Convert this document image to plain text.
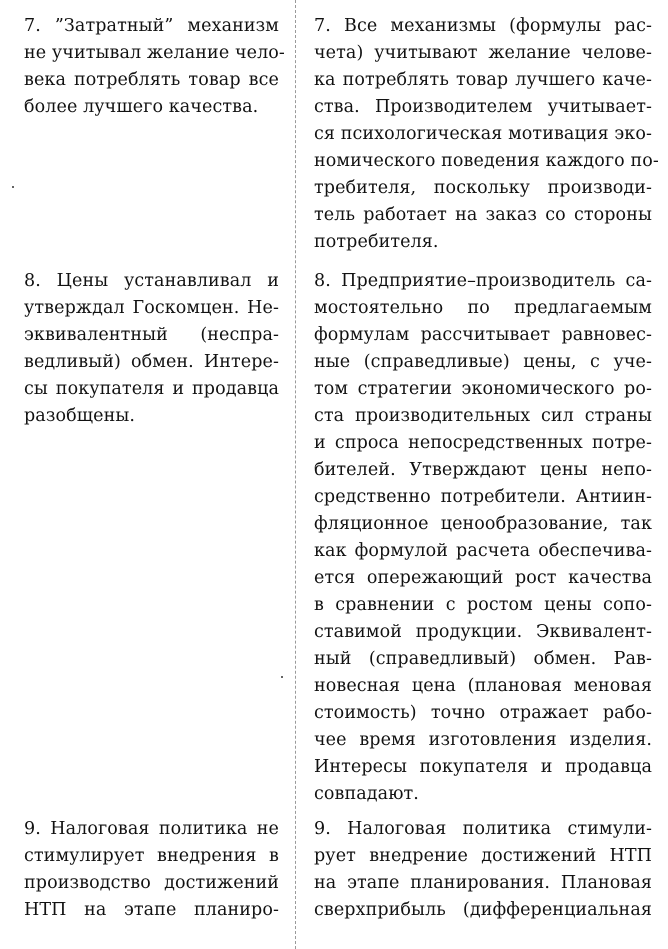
7. ”Затратный” механизм
не учитывал желание чело-
века потреблять товар все
более лучшего качества.
7. Все механизмы (формулы рас-
чета) учитывают желание челове-
ка потреблять товар лучшего каче-
ства. Производителем учитывает-
ся психологическая мотивация эко-
номического поведения каждого по-
требителя, поскольку производи-
тель работает на заказ со стороны
потребителя.
8. Цены устанавливал и
утверждал Госкомцен. Не-
эквивалентный (неспра-
ведливый) обмен. Интере-
сы покупателя и продавца
разобщены.
8. Предприятие–производитель са-
мостоятельно по предлагаемым
формулам рассчитывает равновес-
ные (справедливые) цены, с уче-
том стратегии экономического ро-
ста производительных сил страны
и спроса непосредственных потре-
бителей. Утверждают цены непо-
средственно потребители. Антиин-
фляционное ценообразование, так
как формулой расчета обеспечива-
ется опережающий рост качества
в сравнении с ростом цены сопо-
ставимой продукции. Эквивалент-
ный (справедливый) обмен. Рав-
новесная цена (плановая меновая
стоимость) точно отражает рабо-
чее время изготовления изделия.
Интересы покупателя и продавца
совпадают.
9. Налоговая политика не
стимулирует внедрения в
производство достижений
НТП на этапе планиро-
9. Налоговая политика стимули-
рует внедрение достижений НТП
на этапе планирования. Плановая
сверхприбыль (дифференциальная
